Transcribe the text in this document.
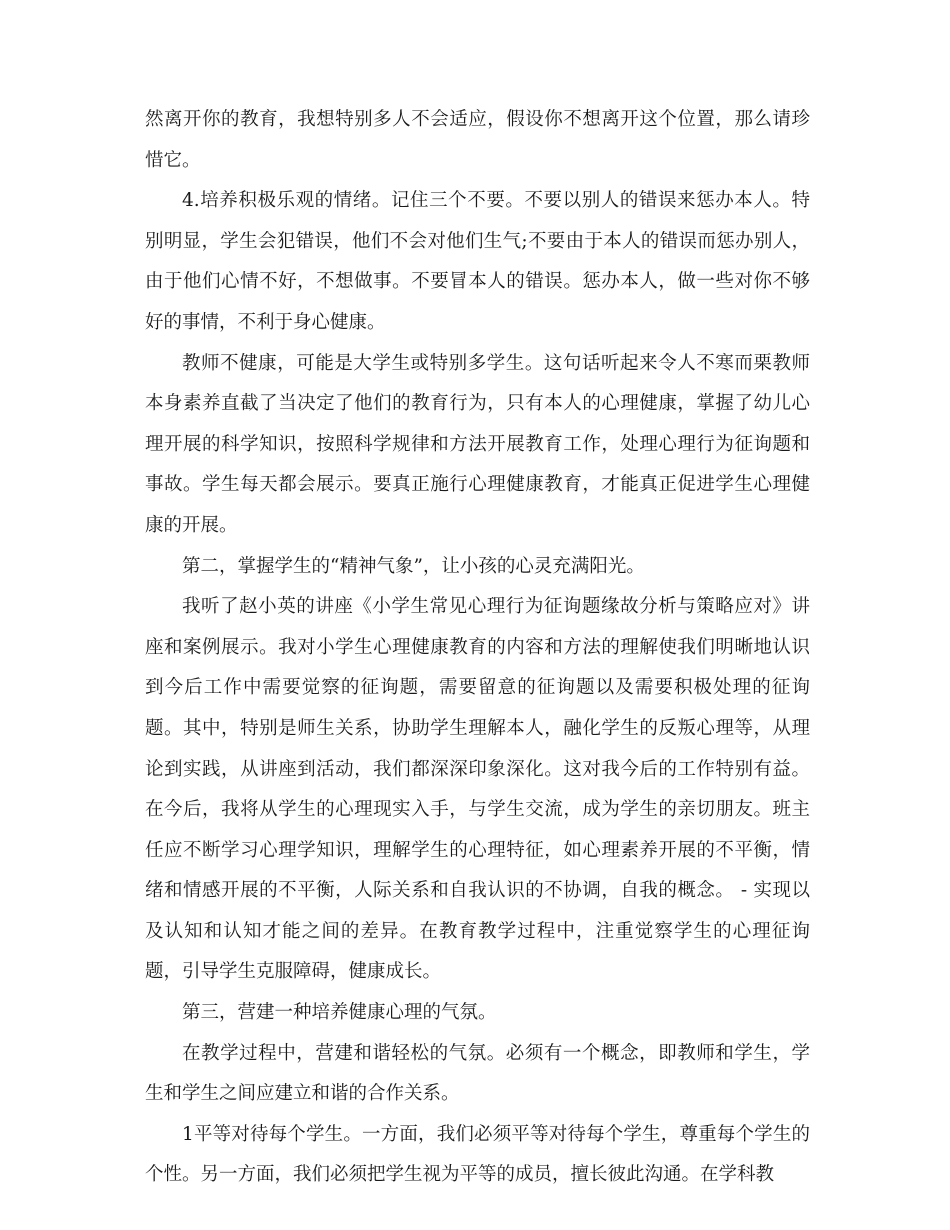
然离开你的教育，我想特别多人不会适应，假设你不想离开这个位置，那么请珍惜它。

4.培养积极乐观的情绪。记住三个不要。不要以别人的错误来惩办本人。特别明显，学生会犯错误，他们不会对他们生气;不要由于本人的错误而惩办别人，由于他们心情不好，不想做事。不要冒本人的错误。惩办本人，做一些对你不够好的事情，不利于身心健康。

教师不健康，可能是大学生或特别多学生。这句话听起来令人不寒而栗教师本身素养直截了当决定了他们的教育行为，只有本人的心理健康，掌握了幼儿心理开展的科学知识，按照科学规律和方法开展教育工作，处理心理行为征询题和事故。学生每天都会展示。要真正施行心理健康教育，才能真正促进学生心理健康的开展。

第二，掌握学生的“精神气象”，让小孩的心灵充满阳光。

我听了赵小英的讲座《小学生常见心理行为征询题缘故分析与策略应对》讲座和案例展示。我对小学生心理健康教育的内容和方法的理解使我们明晰地认识到今后工作中需要觉察的征询题，需要留意的征询题以及需要积极处理的征询题。其中，特别是师生关系，协助学生理解本人，融化学生的反叛心理等，从理论到实践，从讲座到活动，我们都深深印象深化。这对我今后的工作特别有益。在今后，我将从学生的心理现实入手，与学生交流，成为学生的亲切朋友。班主任应不断学习心理学知识，理解学生的心理特征，如心理素养开展的不平衡，情绪和情感开展的不平衡，人际关系和自我认识的不协调，自我的概念。 - 实现以及认知和认知才能之间的差异。在教育教学过程中，注重觉察学生的心理征询题，引导学生克服障碍，健康成长。

第三，营建一种培养健康心理的气氛。

在教学过程中，营建和谐轻松的气氛。必须有一个概念，即教师和学生，学生和学生之间应建立和谐的合作关系。

1平等对待每个学生。一方面，我们必须平等对待每个学生，尊重每个学生的个性。另一方面，我们必须把学生视为平等的成员，擅长彼此沟通。在学科教
